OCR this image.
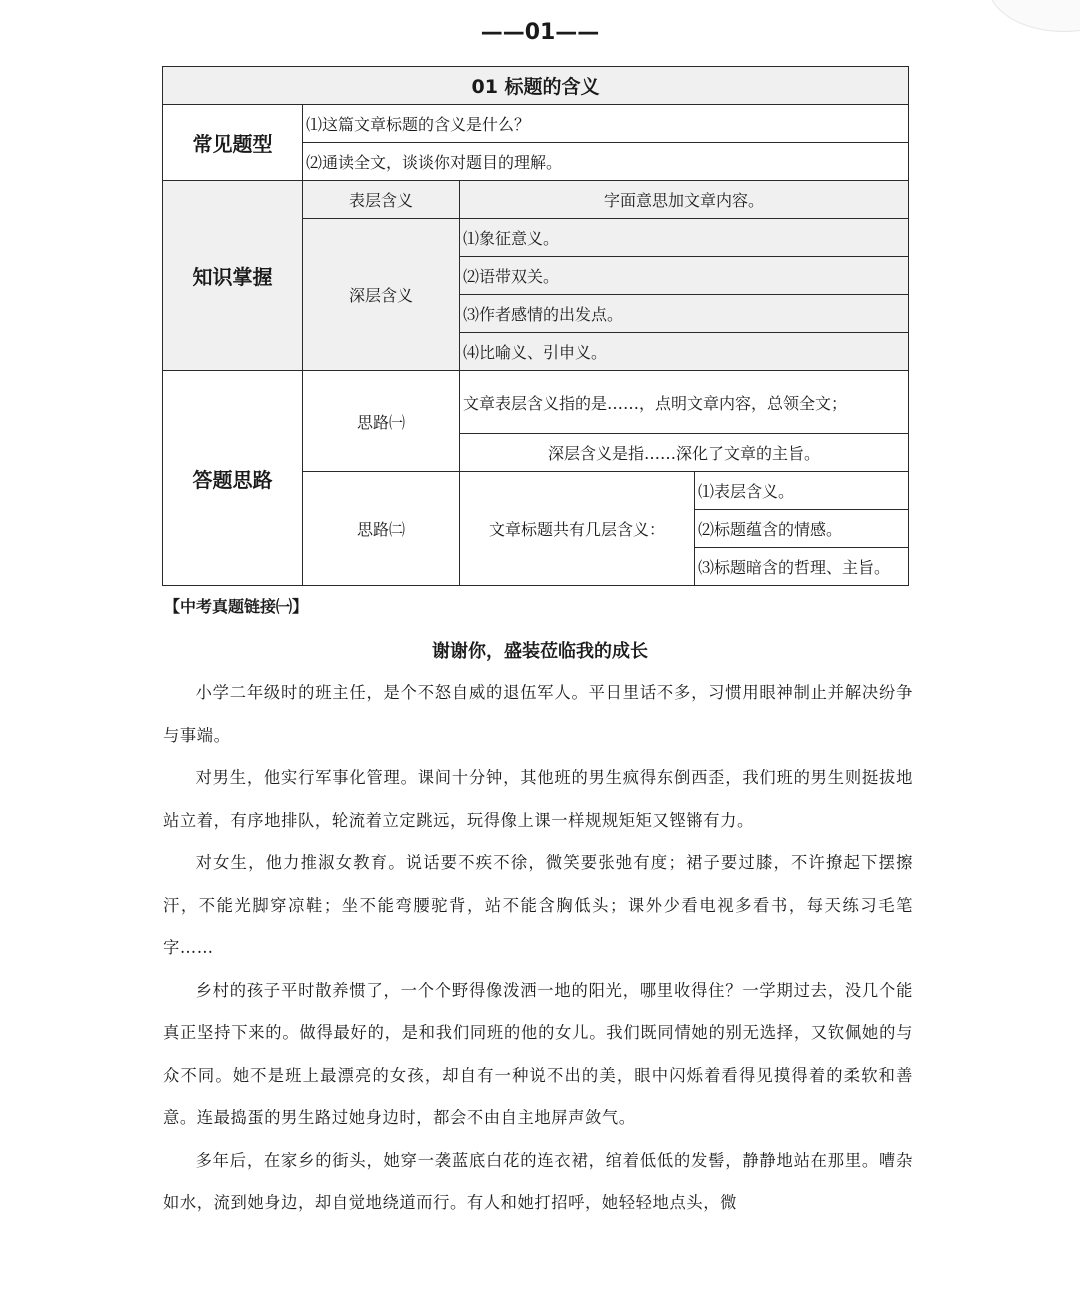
——01——
01 标题的含义			
常见题型	⑴这篇文章标题的含义是什么？		
	⑵通读全文，谈谈你对题目的理解。		
知识掌握	表层含义	字面意思加文章内容。	
	深层含义	⑴象征意义。	
		⑵语带双关。	
		⑶作者感情的出发点。	
		⑷比喻义、引申义。	
答题思路	思路㈠	文章表层含义指的是……，点明文章内容，总领全文；	
		深层含义是指……深化了文章的主旨。	
	思路㈡	文章标题共有几层含义：	⑴表层含义。
			⑵标题蕴含的情感。
			⑶标题暗含的哲理、主旨。
【中考真题链接㈠】
谢谢你，盛装莅临我的成长

小学二年级时的班主任，是个不怒自威的退伍军人。平日里话不多，习惯用眼神制止并解决纷争与事端。

对男生，他实行军事化管理。课间十分钟，其他班的男生疯得东倒西歪，我们班的男生则挺拔地站立着，有序地排队，轮流着立定跳远，玩得像上课一样规规矩矩又铿锵有力。

对女生，他力推淑女教育。说话要不疾不徐，微笑要张弛有度；裙子要过膝，不许撩起下摆擦汗，不能光脚穿凉鞋；坐不能弯腰驼背，站不能含胸低头；课外少看电视多看书，每天练习毛笔字……

乡村的孩子平时散养惯了，一个个野得像泼洒一地的阳光，哪里收得住？一学期过去，没几个能真正坚持下来的。做得最好的，是和我们同班的他的女儿。我们既同情她的别无选择，又钦佩她的与众不同。她不是班上最漂亮的女孩，却自有一种说不出的美，眼中闪烁着看得见摸得着的柔软和善意。连最捣蛋的男生路过她身边时，都会不由自主地屏声敛气。

多年后，在家乡的街头，她穿一袭蓝底白花的连衣裙，绾着低低的发髻，静静地站在那里。嘈杂如水，流到她身边，却自觉地绕道而行。有人和她打招呼，她轻轻地点头，微
